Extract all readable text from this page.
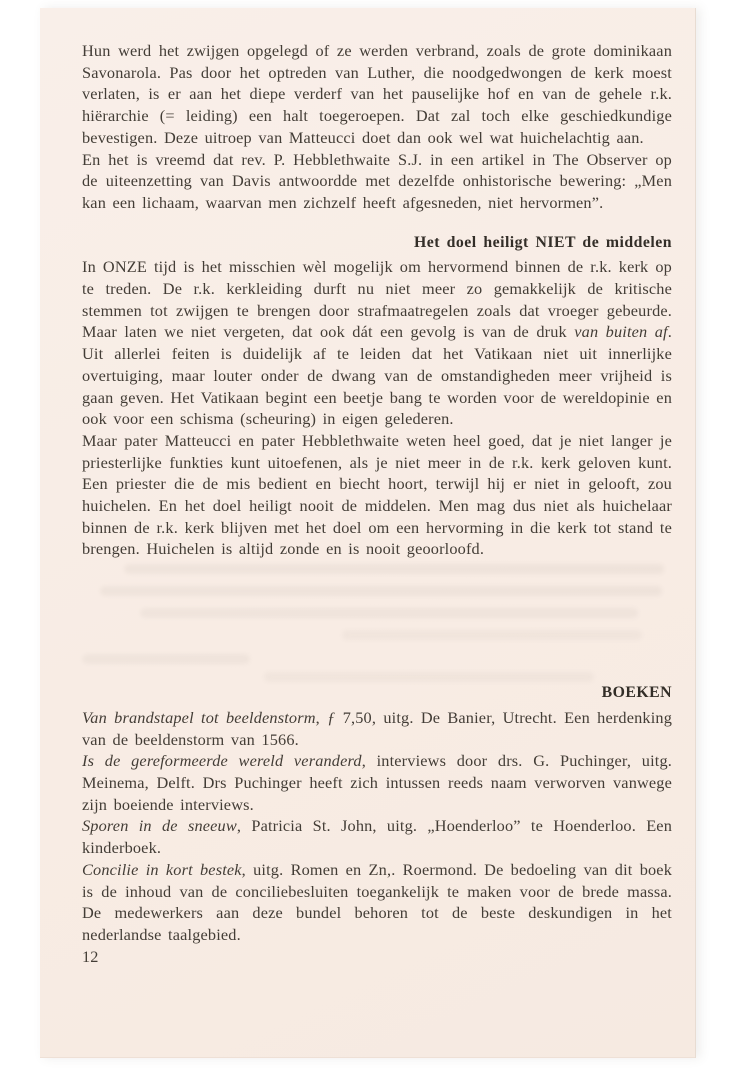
Hun werd het zwijgen opgelegd of ze werden verbrand, zoals de grote dominikaan Savonarola. Pas door het optreden van Luther, die noodgedwongen de kerk moest verlaten, is er aan het diepe verderf van het pauselijke hof en van de gehele r.k. hiërarchie (= leiding) een halt toegeroepen. Dat zal toch elke geschiedkundige bevestigen. Deze uitroep van Matteucci doet dan ook wel wat huichelachtig aan.

En het is vreemd dat rev. P. Hebblethwaite S.J. in een artikel in The Observer op de uiteenzetting van Davis antwoordde met dezelfde onhistorische bewering: „Men kan een lichaam, waarvan men zichzelf heeft afgesneden, niet hervormen”.

Het doel heiligt NIET de middelen

In ONZE tijd is het misschien wèl mogelijk om hervormend binnen de r.k. kerk op te treden. De r.k. kerkleiding durft nu niet meer zo gemakkelijk de kritische stemmen tot zwijgen te brengen door strafmaatregelen zoals dat vroeger gebeurde. Maar laten we niet vergeten, dat ook dát een gevolg is van de druk van buiten af. Uit allerlei feiten is duidelijk af te leiden dat het Vatikaan niet uit innerlijke overtuiging, maar louter onder de dwang van de omstandigheden meer vrijheid is gaan geven. Het Vatikaan begint een beetje bang te worden voor de wereldopinie en ook voor een schisma (scheuring) in eigen gelederen.

Maar pater Matteucci en pater Hebblethwaite weten heel goed, dat je niet langer je priesterlijke funkties kunt uitoefenen, als je niet meer in de r.k. kerk geloven kunt. Een priester die de mis bedient en biecht hoort, terwijl hij er niet in gelooft, zou huichelen. En het doel heiligt nooit de middelen. Men mag dus niet als huichelaar binnen de r.k. kerk blijven met het doel om een hervorming in die kerk tot stand te brengen. Huichelen is altijd zonde en is nooit geoorloofd.

BOEKEN

Van brandstapel tot beeldenstorm, ƒ 7,50, uitg. De Banier, Utrecht. Een herdenking van de beeldenstorm van 1566.

Is de gereformeerde wereld veranderd, interviews door drs. G. Puchinger, uitg. Meinema, Delft. Drs Puchinger heeft zich intussen reeds naam verworven vanwege zijn boeiende interviews.

Sporen in de sneeuw, Patricia St. John, uitg. „Hoenderloo” te Hoenderloo. Een kinderboek.

Concilie in kort bestek, uitg. Romen en Zn,. Roermond. De bedoeling van dit boek is de inhoud van de conciliebesluiten toegankelijk te maken voor de brede massa. De medewerkers aan deze bundel behoren tot de beste deskundigen in het nederlandse taalgebied.

12
